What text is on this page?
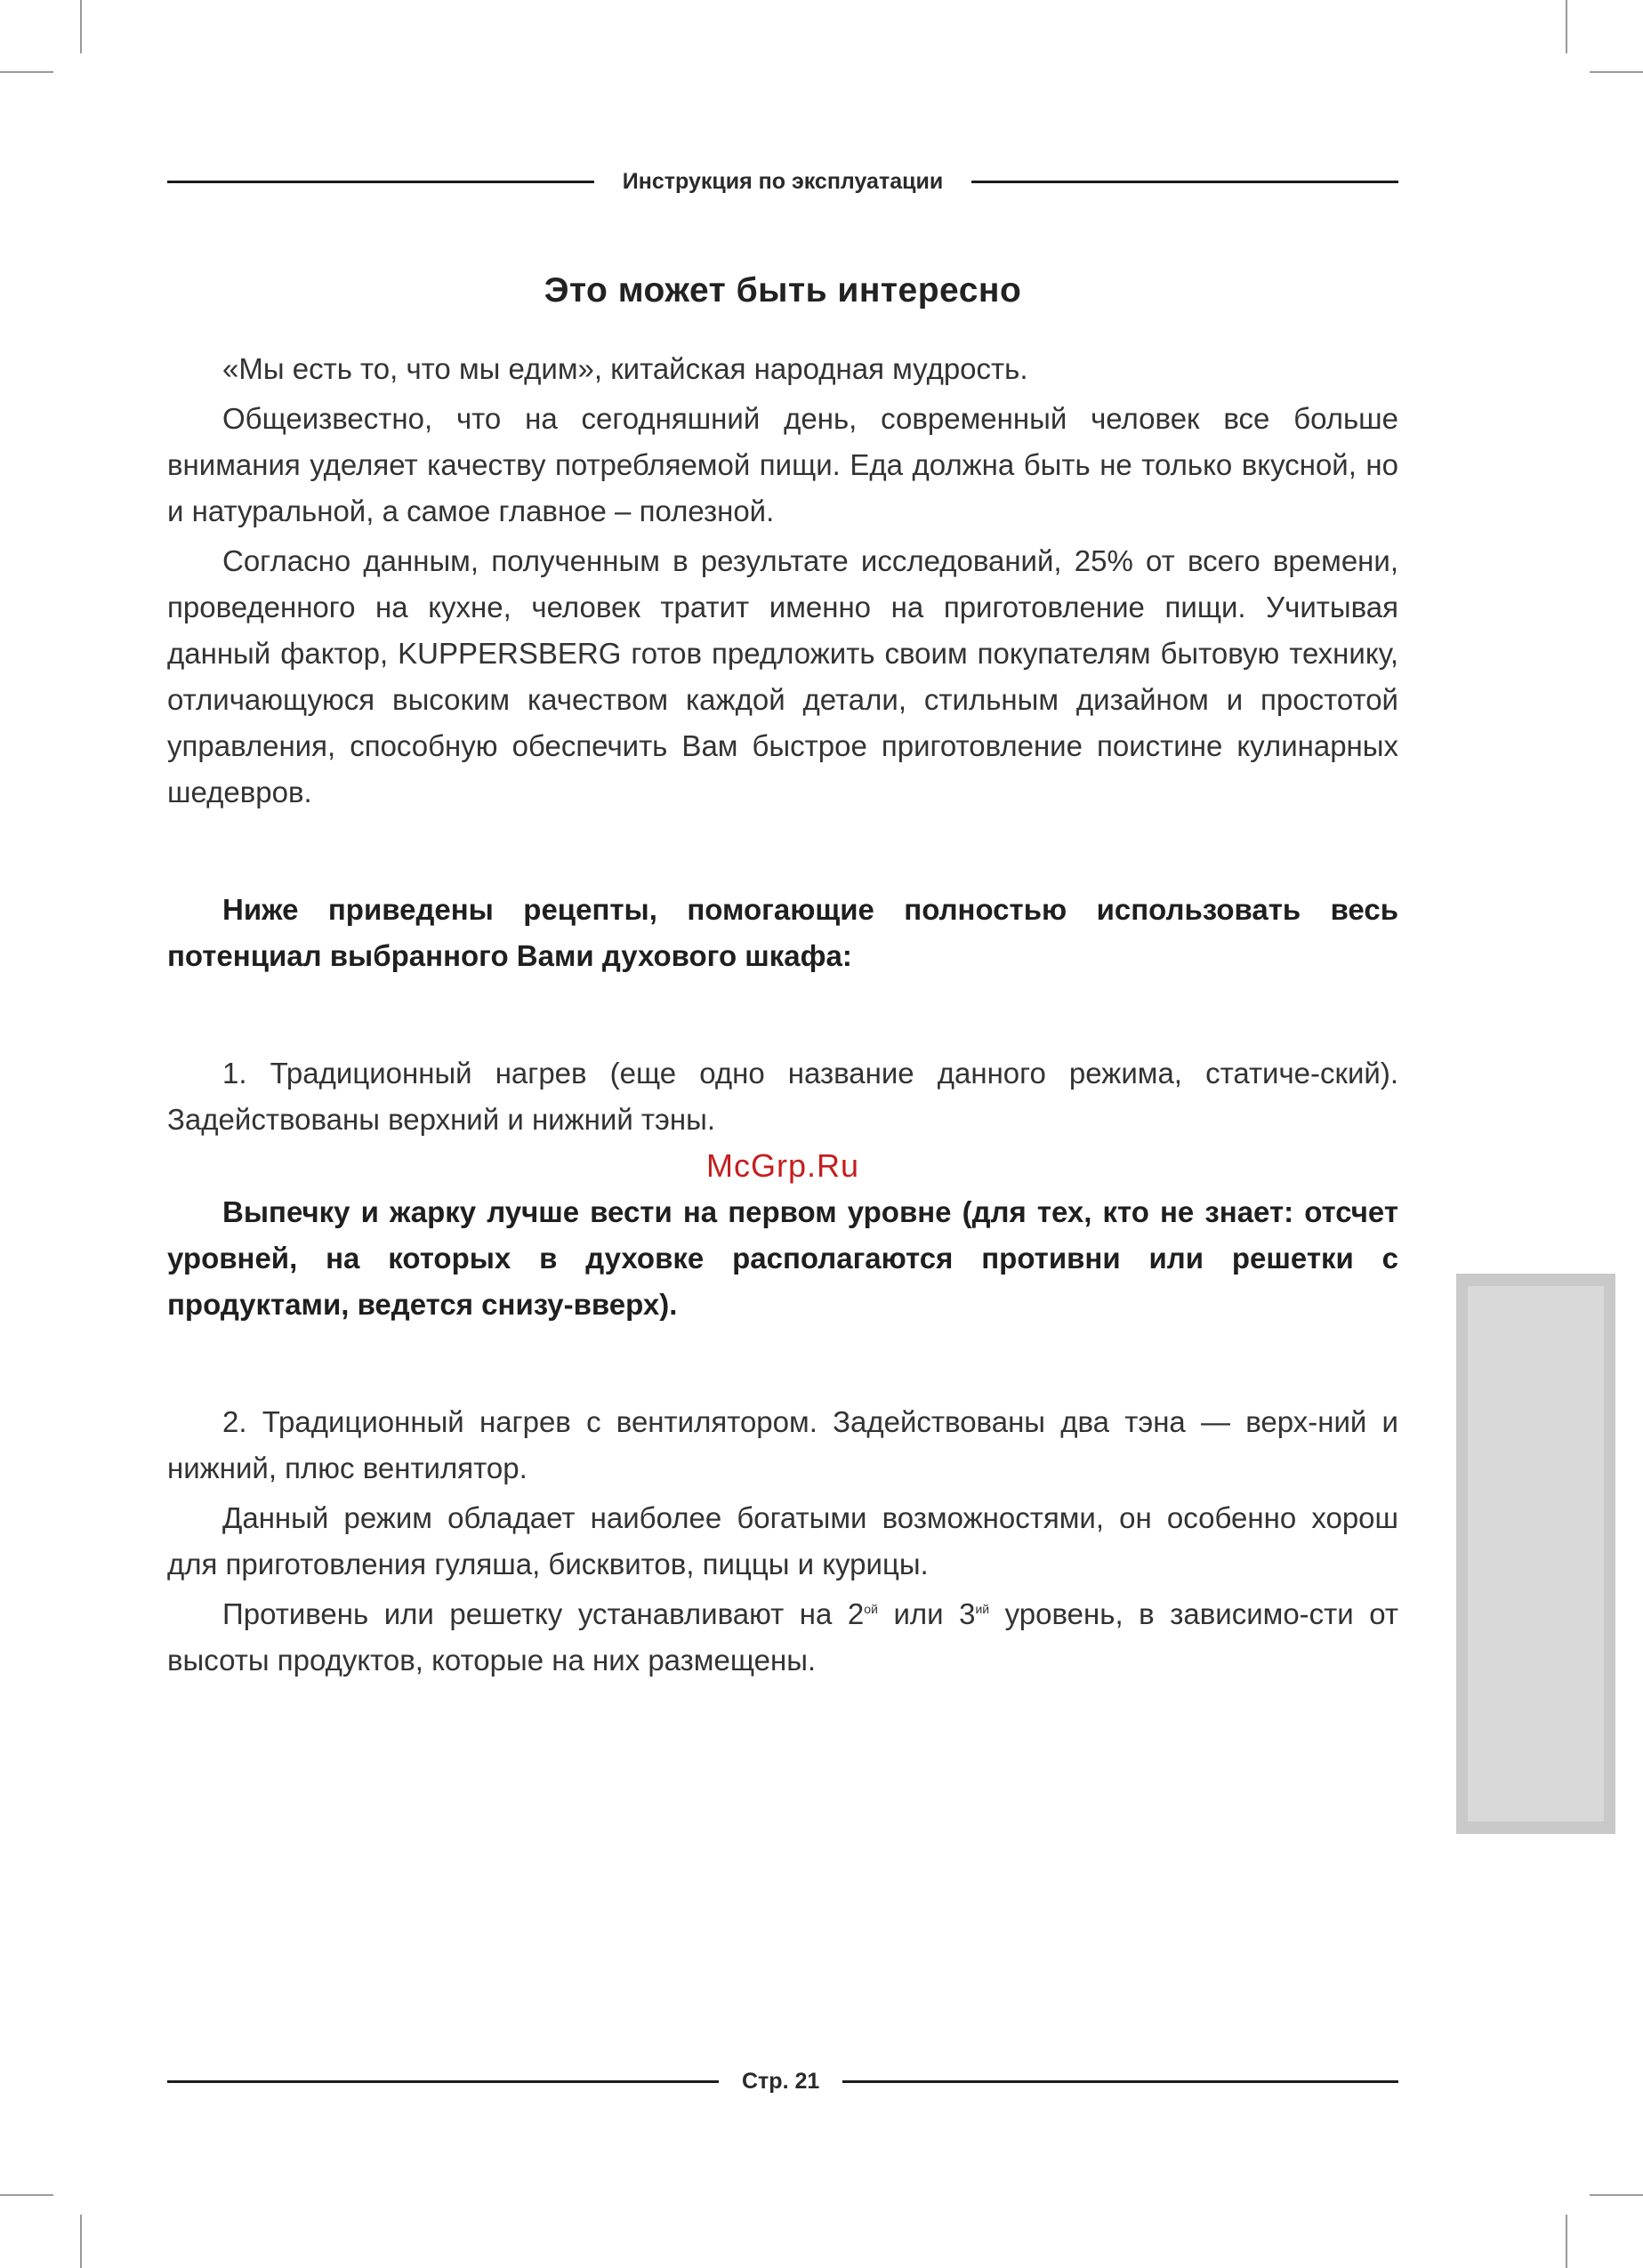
Инструкция по эксплуатации
Это может быть интересно

«Мы есть то, что мы едим», китайская народная мудрость.

Общеизвестно, что на сегодняшний день, современный человек все больше внимания уделяет качеству потребляемой пищи. Еда должна быть не только вкусной, но и натуральной, а самое главное – полезной.

Согласно данным, полученным в результате исследований, 25% от всего времени, проведенного на кухне, человек тратит именно на приготовление пищи. Учитывая данный фактор, KUPPERSBERG готов предложить своим покупателям бытовую технику, отличающуюся высоким качеством каждой детали, стильным дизайном и простотой управления, способную обеспечить Вам быстрое приготовление поистине кулинарных шедевров.

Ниже приведены рецепты, помогающие полностью использовать весь потенциал выбранного Вами духового шкафа:

1. Традиционный нагрев (еще одно название данного режима, статиче-ский). Задействованы верхний и нижний тэны.

McGrp.Ru

Выпечку и жарку лучше вести на первом уровне (для тех, кто не знает: отсчет уровней, на которых в духовке располагаются противни или решетки с продуктами, ведется снизу-вверх).

2. Традиционный нагрев с вентилятором. Задействованы два тэна — верх-ний и нижний, плюс вентилятор.

Данный режим обладает наиболее богатыми возможностями, он особенно хорош для приготовления гуляша, бисквитов, пиццы и курицы.

Противень или решетку устанавливают на $2^{ой}$ или $3^{ий}$ уровень, в зависимо-сти от высоты продуктов, которые на них размещены.

Стр. 21
